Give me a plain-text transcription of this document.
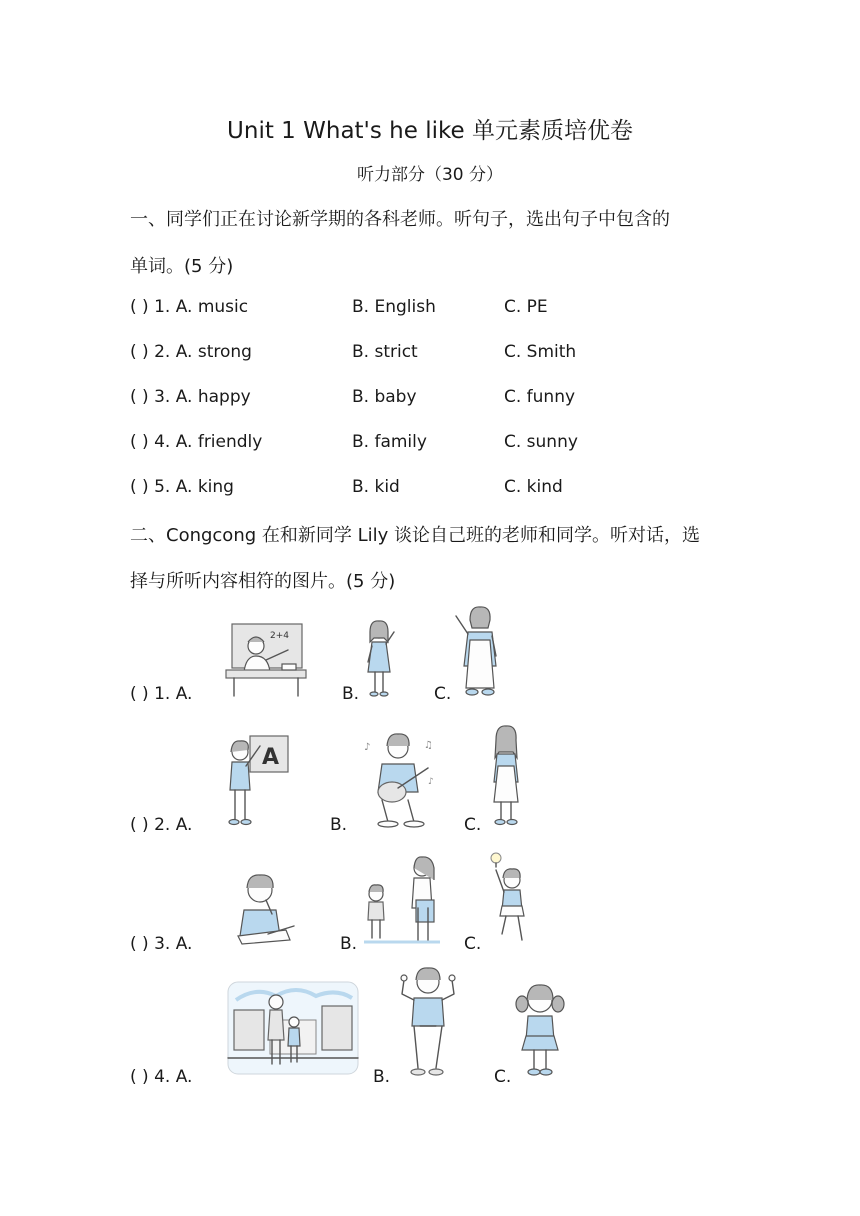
Unit 1 What's he like 单元素质培优卷
听力部分（30 分）
一、同学们正在讨论新学期的各科老师。听句子，选出句子中包含的
单词。(5 分)
( ) 1. A. music	B. English	C. PE
( ) 2. A. strong	B. strict	C. Smith
( ) 3. A. happy	B. baby	C. funny
( ) 4. A. friendly	B. family	C. sunny
( ) 5. A. king	B. kid	C. kind
二、Congcong 在和新同学 Lily 谈论自己班的老师和同学。听对话，选
择与所听内容相符的图片。(5 分)
( ) 1. A.	B.	C.
2+4
( ) 2. A.	B.	C.
A	♪	♫
♪
( ) 3. A.	B.	C.
( ) 4. A.	B.	C.
